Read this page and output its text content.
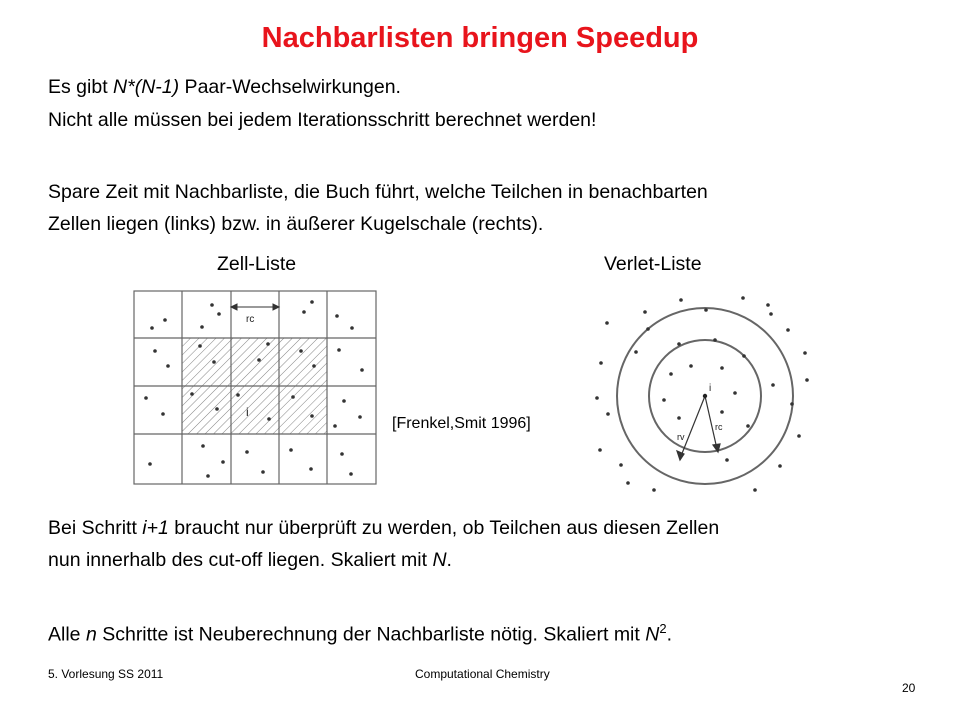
Nachbarlisten bringen Speedup
Es gibt N*(N-1) Paar-Wechselwirkungen.
Nicht alle müssen bei jedem Iterationsschritt berechnet werden!
Spare Zeit mit Nachbarliste, die Buch führt, welche Teilchen in benachbarten
Zellen liegen (links) bzw. in äußerer Kugelschale (rechts).
Zell-Liste	Verlet-Liste
rc
i
[Frenkel,Smit 1996]
i
rv
rc
Bei Schritt i+1 braucht nur überprüft zu werden, ob Teilchen aus diesen Zellen
nun innerhalb des cut-off liegen. Skaliert mit N.
Alle n Schritte ist Neuberechnung der Nachbarliste nötig. Skaliert mit $N^2$.
5. Vorlesung SS 2011	Computational Chemistry
20
